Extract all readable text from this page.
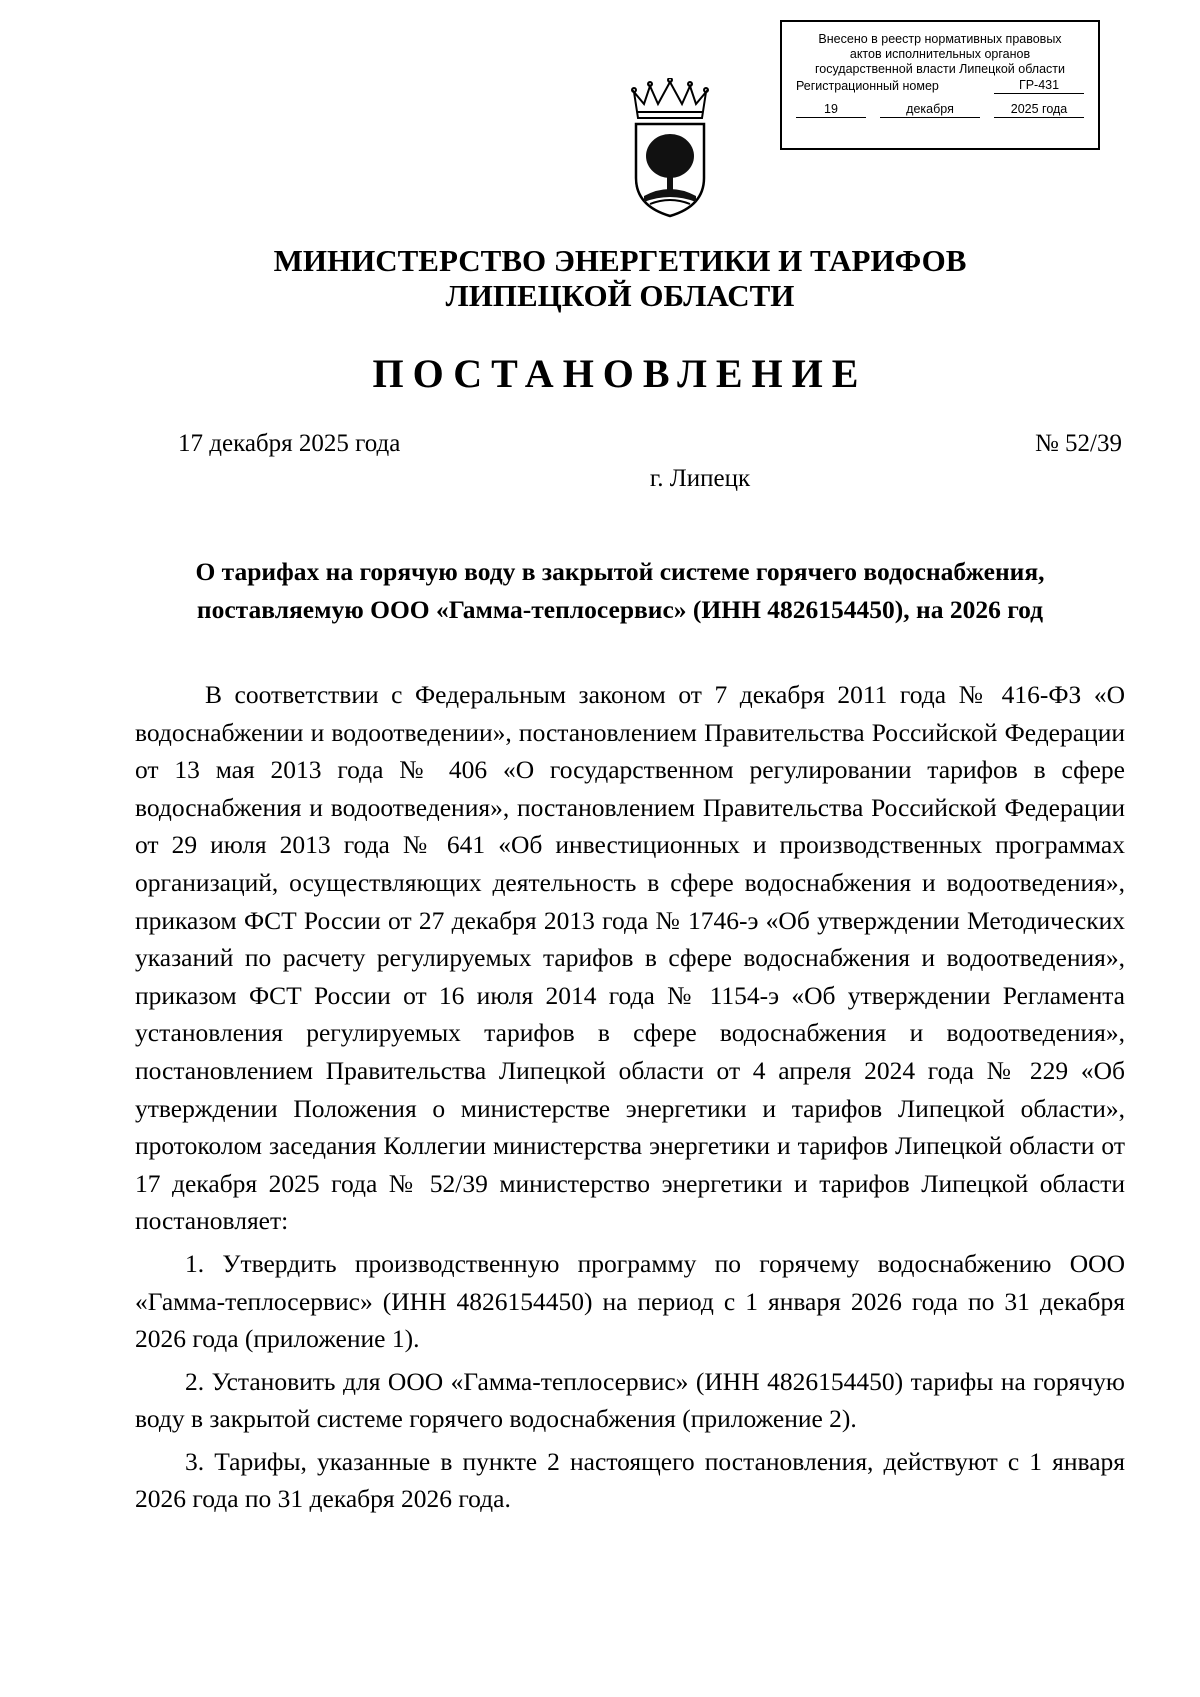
Внесено в реестр нормативных правовых
актов исполнительных органов
государственной власти Липецкой области
Регистрационный номер	ГР-431
19	декабря	2025 года
МИНИСТЕРСТВО ЭНЕРГЕТИКИ И ТАРИФОВ
ЛИПЕЦКОЙ ОБЛАСТИ
ПОСТАНОВЛЕНИЕ
17 декабря 2025 года	№ 52/39
г. Липецк
О тарифах на горячую воду в закрытой системе горячего водоснабжения,
поставляемую ООО «Гамма-теплосервис» (ИНН 4826154450), на 2026 год

В соответствии с Федеральным законом от 7 декабря 2011 года № 416-ФЗ «О водоснабжении и водоотведении», постановлением Правительства Российской Федерации от 13 мая 2013 года № 406 «О государственном регулировании тарифов в сфере водоснабжения и водоотведения», постановлением Правительства Российской Федерации от 29 июля 2013 года № 641 «Об инвестиционных и производственных программах организаций, осуществляющих деятельность в сфере водоснабжения и водоотведения», приказом ФСТ России от 27 декабря 2013 года № 1746-э «Об утверждении Методических указаний по расчету регулируемых тарифов в сфере водоснабжения и водоотведения», приказом ФСТ России от 16 июля 2014 года № 1154-э «Об утверждении Регламента установления регулируемых тарифов в сфере водоснабжения и водоотведения», постановлением Правительства Липецкой области от 4 апреля 2024 года № 229 «Об утверждении Положения о министерстве энергетики и тарифов Липецкой области», протоколом заседания Коллегии министерства энергетики и тарифов Липецкой области от 17 декабря 2025 года № 52/39 министерство энергетики и тарифов Липецкой области постановляет:

1. Утвердить производственную программу по горячему водоснабжению ООО «Гамма-теплосервис» (ИНН 4826154450) на период с 1 января 2026 года по 31 декабря 2026 года (приложение 1).

2. Установить для ООО «Гамма-теплосервис» (ИНН 4826154450) тарифы на горячую воду в закрытой системе горячего водоснабжения (приложение 2).

3. Тарифы, указанные в пункте 2 настоящего постановления, действуют с 1 января 2026 года по 31 декабря 2026 года.
